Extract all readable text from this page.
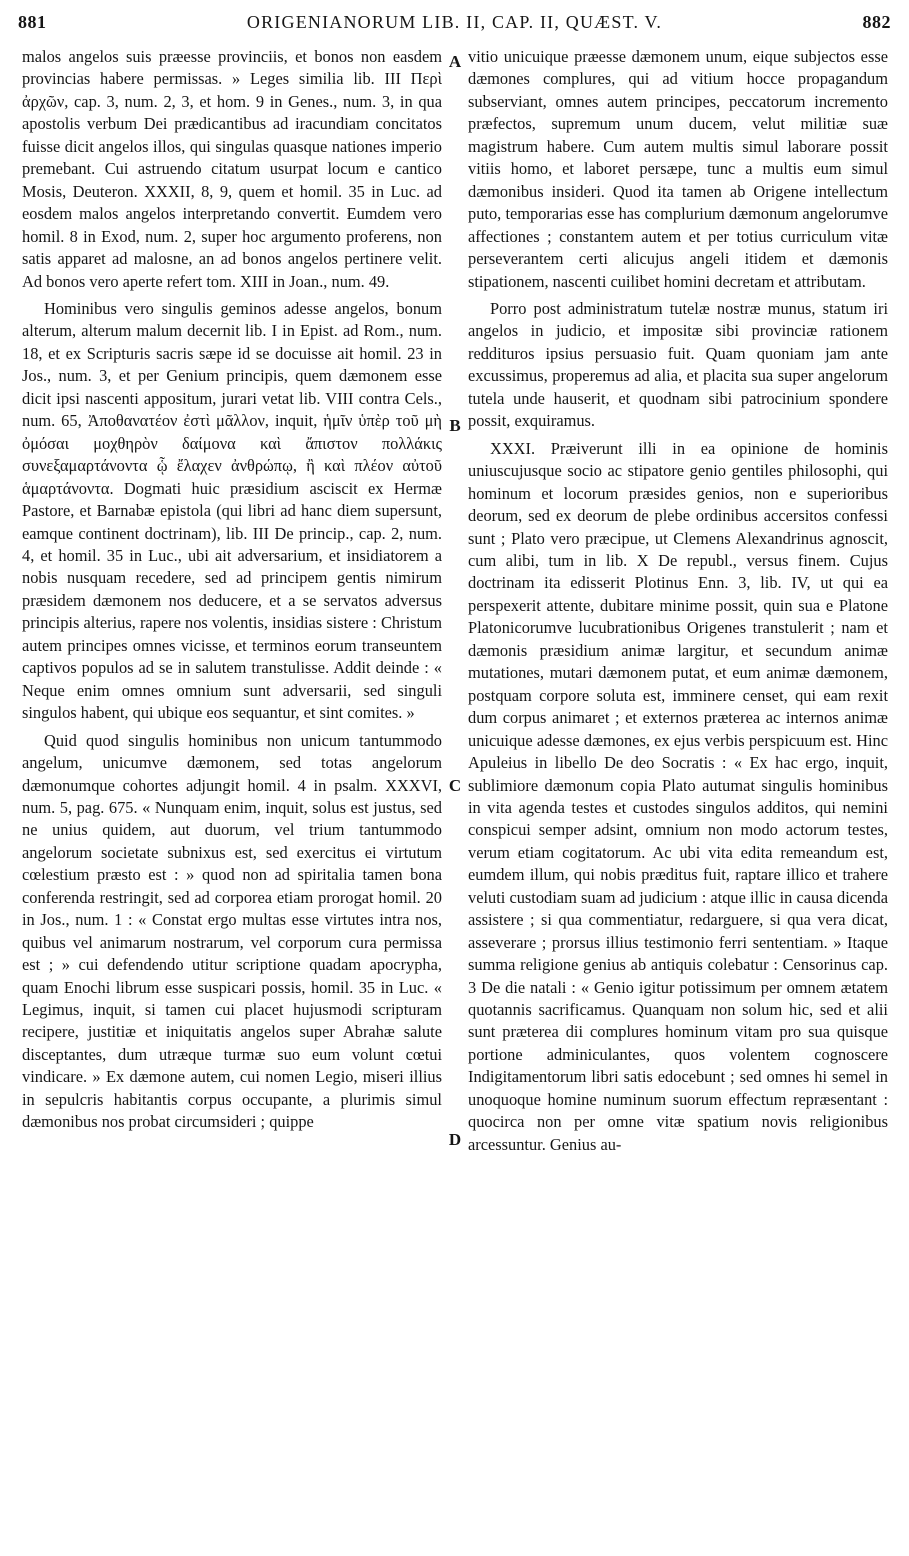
881	ORIGENIANORUM LIB. II, CAP. II, QUÆST. V.	882

malos angelos suis præesse provinciis, et bonos non easdem provincias habere permissas. » Leges similia lib. III Περὶ ἀρχῶν, cap. 3, num. 2, 3, et hom. 9 in Genes., num. 3, in qua apostolis verbum Dei prædicantibus ad iracundiam concitatos fuisse dicit angelos illos, qui singulas quasque nationes imperio premebant. Cui astruendo citatum usurpat locum e cantico Mosis, Deuteron. XXXII, 8, 9, quem et homil. 35 in Luc. ad eosdem malos angelos interpretando convertit. Eumdem vero homil. 8 in Exod, num. 2, super hoc argumento proferens, non satis apparet ad malosne, an ad bonos angelos pertinere velit. Ad bonos vero aperte refert tom. XIII in Joan., num. 49.

Hominibus vero singulis geminos adesse angelos, bonum alterum, alterum malum decernit lib. I in Epist. ad Rom., num. 18, et ex Scripturis sacris sæpe id se docuisse ait homil. 23 in Jos., num. 3, et per Genium principis, quem dæmonem esse dicit ipsi nascenti appositum, jurari vetat lib. VIII contra Cels., num. 65, Ἀποθανατέον ἐστὶ μᾶλλον, inquit, ἡμῖν ὑπὲρ τοῦ μὴ ὀμόσαι μοχθηρὸν δαίμονα καὶ ἄπιστον πολλάκις συνεξαμαρτάνοντα ᾧ ἔλαχεν ἀνθρώπῳ, ἢ καὶ πλέον αὐτοῦ ἁμαρτάνοντα. Dogmati huic præsidium asciscit ex Hermæ Pastore, et Barnabæ epistola (qui libri ad hanc diem supersunt, eamque continent doctrinam), lib. III De princip., cap. 2, num. 4, et homil. 35 in Luc., ubi ait adversarium, et insidiatorem a nobis nusquam recedere, sed ad principem gentis nimirum præsidem dæmonem nos deducere, et a se servatos adversus principis alterius, rapere nos volentis, insidias sistere : Christum autem principes omnes vicisse, et terminos eorum transeuntem captivos populos ad se in salutem transtulisse. Addit deinde : « Neque enim omnes omnium sunt adversarii, sed singuli singulos habent, qui ubique eos sequantur, et sint comites. »

Quid quod singulis hominibus non unicum tantummodo angelum, unicumve dæmonem, sed totas angelorum dæmonumque cohortes adjungit homil. 4 in psalm. XXXVI, num. 5, pag. 675. « Nunquam enim, inquit, solus est justus, sed ne unius quidem, aut duorum, vel trium tantummodo angelorum societate subnixus est, sed exercitus ei virtutum cœlestium præsto est : » quod non ad spiritalia tamen bona conferenda restringit, sed ad corporea etiam prorogat homil. 20 in Jos., num. 1 : « Constat ergo multas esse virtutes intra nos, quibus vel animarum nostrarum, vel corporum cura permissa est ; » cui defendendo utitur scriptione quadam apocrypha, quam Enochi librum esse suspicari possis, homil. 35 in Luc. « Legimus, inquit, si tamen cui placet hujusmodi scripturam recipere, justitiæ et iniquitatis angelos super Abrahæ salute disceptantes, dum utræque turmæ suo eum volunt cœtui vindicare. » Ex dæmone autem, cui nomen Legio, miseri illius in sepulcris habitantis corpus occupante, a plurimis simul dæmonibus nos probat circumsideri ; quippe

A
B
C
D

vitio unicuique præesse dæmonem unum, eique subjectos esse dæmones complures, qui ad vitium hocce propagandum subserviant, omnes autem principes, peccatorum incremento præfectos, supremum unum ducem, velut militiæ suæ magistrum habere. Cum autem multis simul laborare possit vitiis homo, et laboret persæpe, tunc a multis eum simul dæmonibus insideri. Quod ita tamen ab Origene intellectum puto, temporarias esse has complurium dæmonum angelorumve affectiones ; constantem autem et per totius curriculum vitæ perseverantem certi alicujus angeli itidem et dæmonis stipationem, nascenti cuilibet homini decretam et attributam.

Porro post administratum tutelæ nostræ munus, statum iri angelos in judicio, et impositæ sibi provinciæ rationem reddituros ipsius persuasio fuit. Quam quoniam jam ante excussimus, properemus ad alia, et placita sua super angelorum tutela unde hauserit, et quodnam sibi patrocinium spondere possit, exquiramus.

XXXI. Præiverunt illi in ea opinione de hominis uniuscujusque socio ac stipatore genio gentiles philosophi, qui hominum et locorum præsides genios, non e superioribus deorum, sed ex deorum de plebe ordinibus accersitos confessi sunt ; Plato vero præcipue, ut Clemens Alexandrinus agnoscit, cum alibi, tum in lib. X De republ., versus finem. Cujus doctrinam ita edisserit Plotinus Enn. 3, lib. IV, ut qui ea perspexerit attente, dubitare minime possit, quin sua e Platone Platonicorumve lucubrationibus Origenes transtulerit ; nam et dæmonis præsidium animæ largitur, et secundum animæ mutationes, mutari dæmonem putat, et eum animæ dæmonem, postquam corpore soluta est, imminere censet, qui eam rexit dum corpus animaret ; et externos præterea ac internos animæ unicuique adesse dæmones, ex ejus verbis perspicuum est. Hinc Apuleius in libello De deo Socratis : « Ex hac ergo, inquit, sublimiore dæmonum copia Plato autumat singulis hominibus in vita agenda testes et custodes singulos additos, qui nemini conspicui semper adsint, omnium non modo actorum testes, verum etiam cogitatorum. Ac ubi vita edita remeandum est, eumdem illum, qui nobis præditus fuit, raptare illico et trahere veluti custodiam suam ad judicium : atque illic in causa dicenda assistere ; si qua commentiatur, redarguere, si qua vera dicat, asseverare ; prorsus illius testimonio ferri sententiam. » Itaque summa religione genius ab antiquis colebatur : Censorinus cap. 3 De die natali : « Genio igitur potissimum per omnem ætatem quotannis sacrificamus. Quanquam non solum hic, sed et alii sunt præterea dii complures hominum vitam pro sua quisque portione adminiculantes, quos volentem cognoscere Indigitamentorum libri satis edocebunt ; sed omnes hi semel in unoquoque homine numinum suorum effectum repræsentant : quocirca non per omne vitæ spatium novis religionibus arcessuntur. Genius au-
